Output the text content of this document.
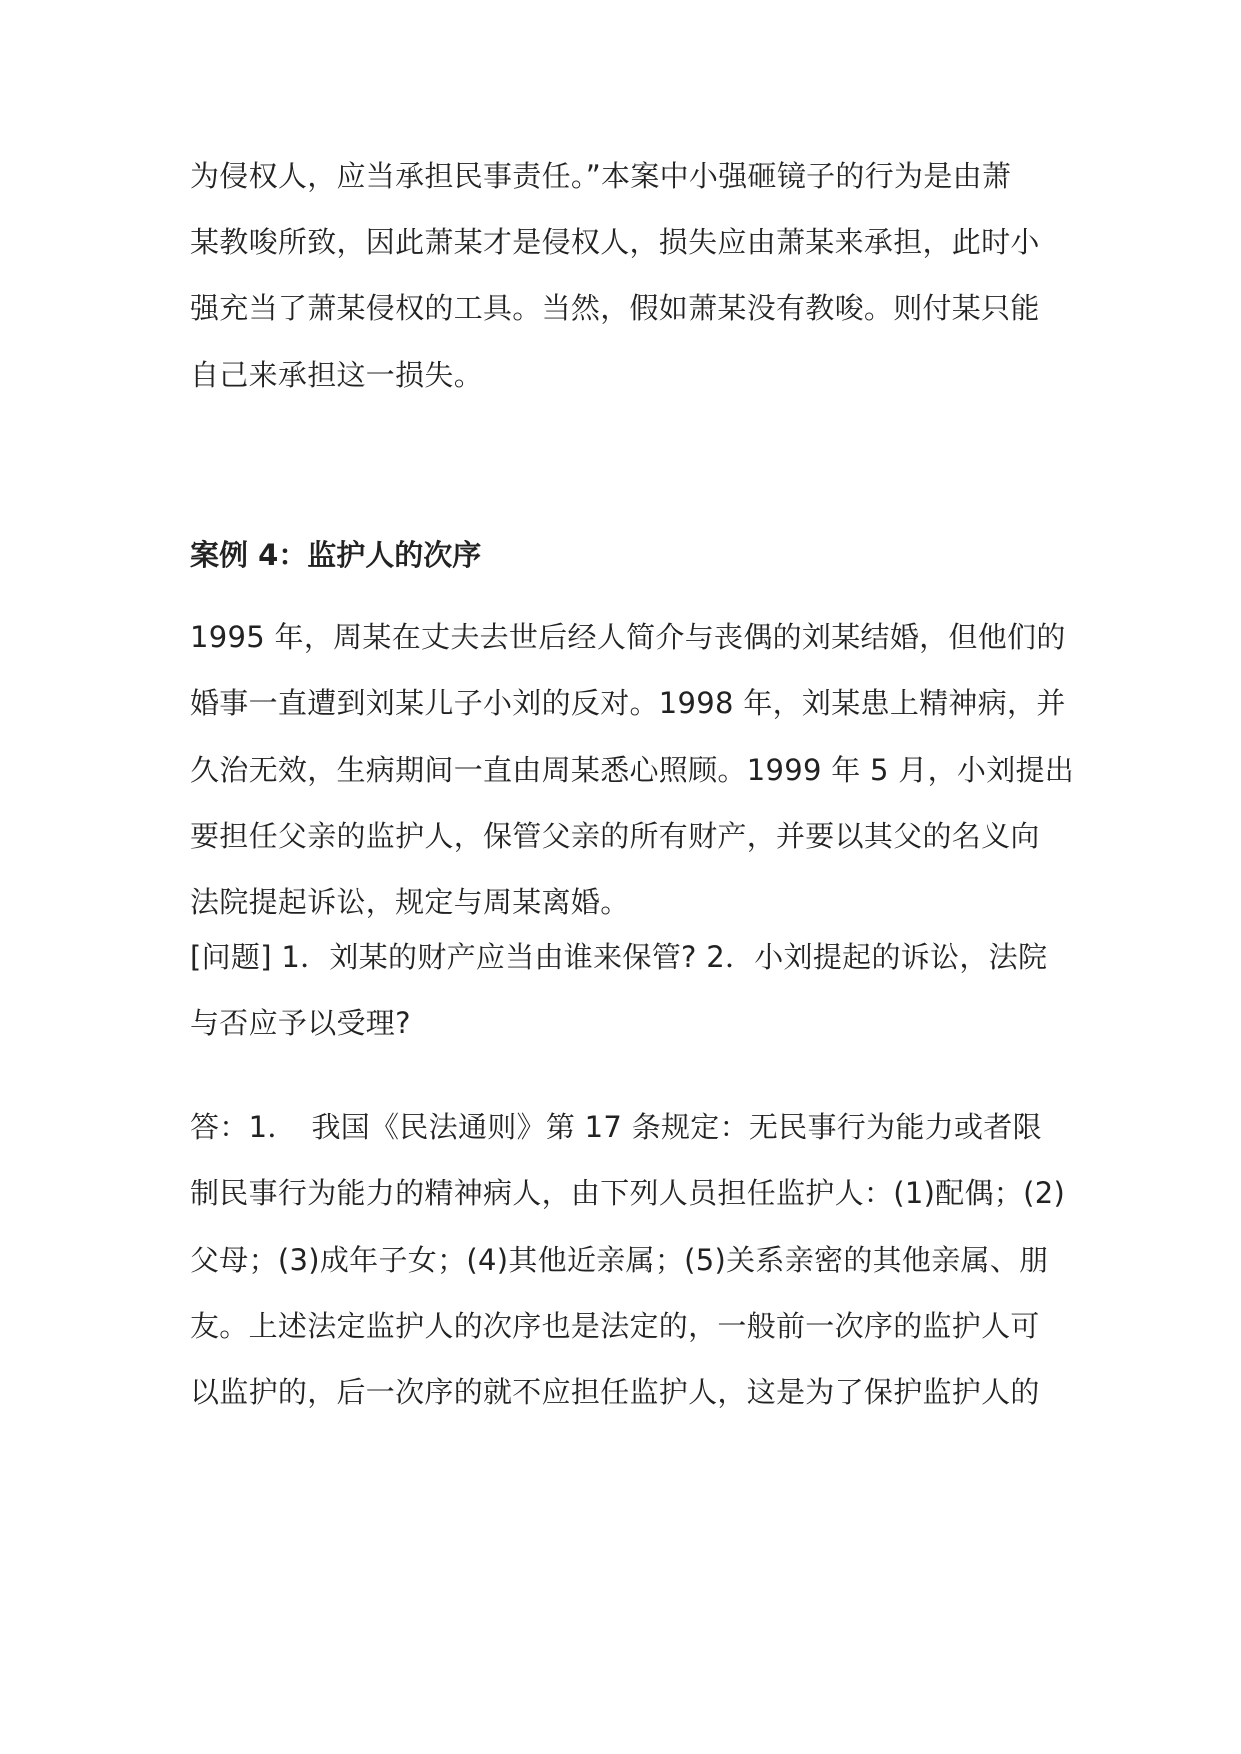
为侵权人，应当承担民事责任。”本案中小强砸镜子的行为是由萧
某教唆所致，因此萧某才是侵权人，损失应由萧某来承担，此时小
强充当了萧某侵权的工具。当然，假如萧某没有教唆。则付某只能
自己来承担这一损失。
案例 4：监护人的次序
1995 年，周某在丈夫去世后经人简介与丧偶的刘某结婚，但他们的
婚事一直遭到刘某儿子小刘的反对。1998 年，刘某患上精神病，并
久治无效，生病期间一直由周某悉心照顾。1999 年 5 月，小刘提出
要担任父亲的监护人，保管父亲的所有财产，并要以其父的名义向
法院提起诉讼，规定与周某离婚。
[问题] 1．刘某的财产应当由谁来保管? 2．小刘提起的诉讼，法院
与否应予以受理?
答：1．　我国《民法通则》第 17 条规定：无民事行为能力或者限
制民事行为能力的精神病人，由下列人员担任监护人：(1)配偶；(2)
父母；(3)成年子女；(4)其他近亲属；(5)关系亲密的其他亲属、朋
友。上述法定监护人的次序也是法定的，一般前一次序的监护人可
以监护的，后一次序的就不应担任监护人，这是为了保护监护人的
